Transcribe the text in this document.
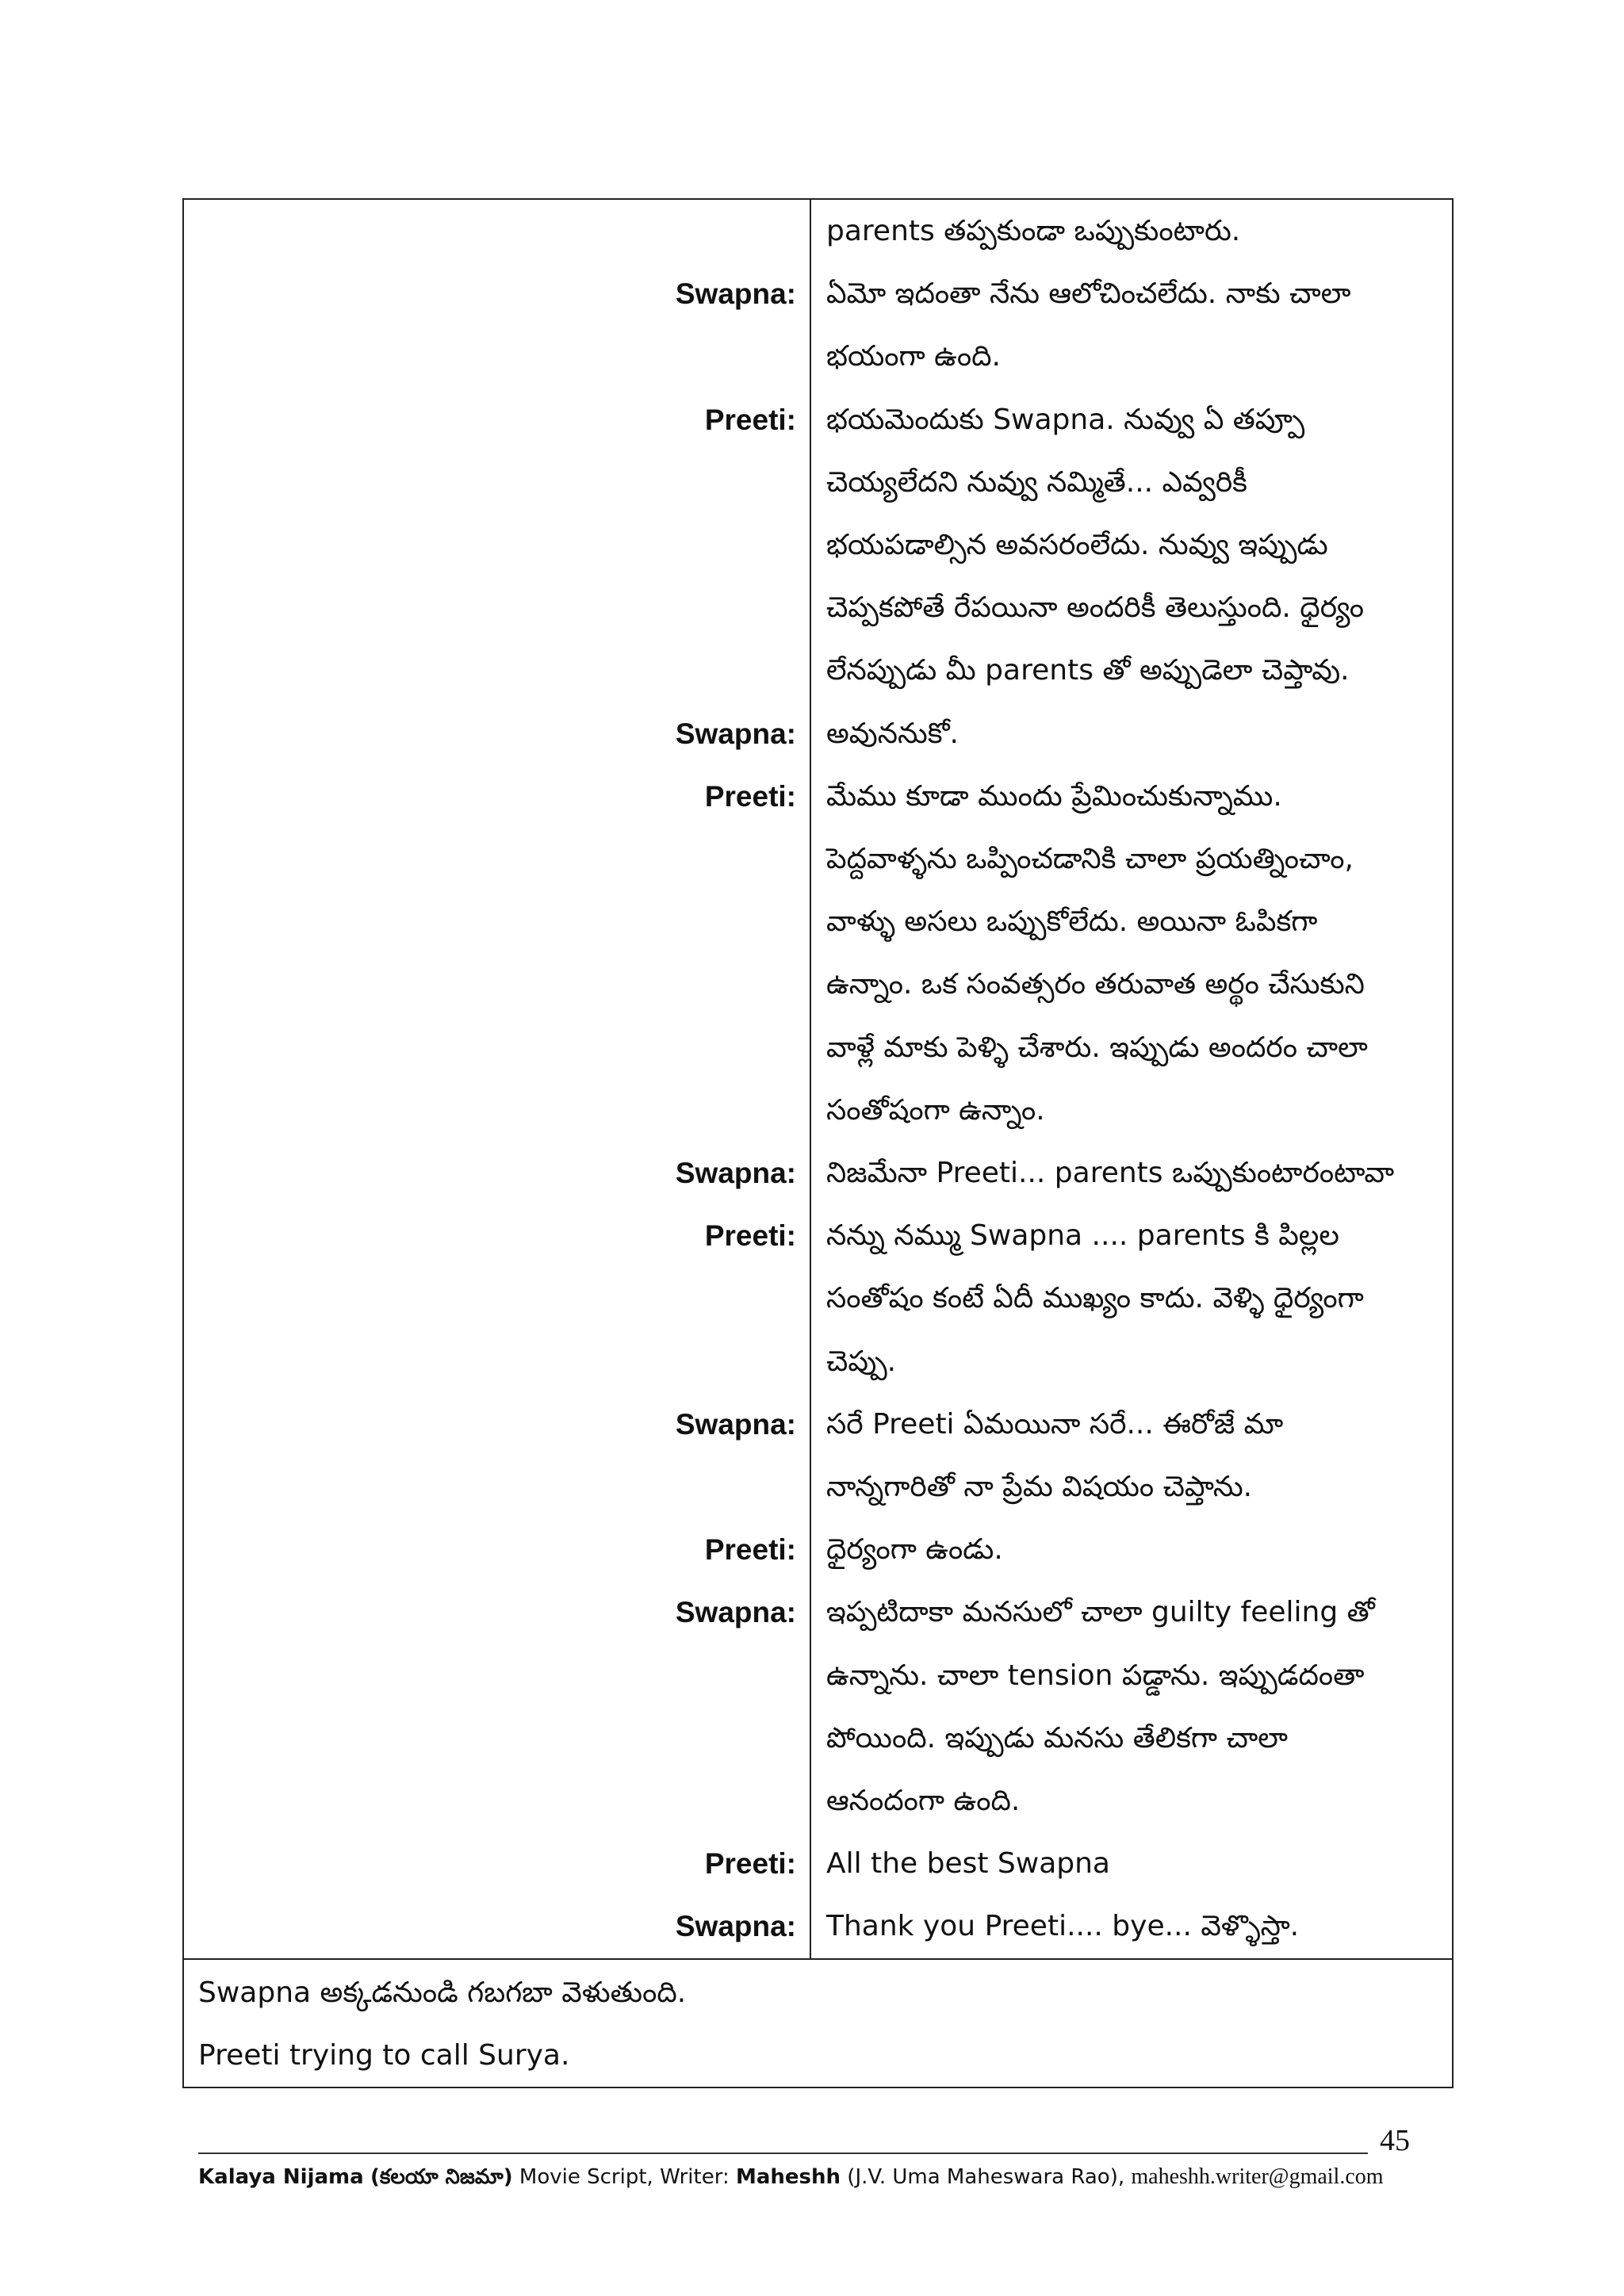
parents తప్పకుండా ఒప్పుకుంటారు.
Swapna: ఏమో ఇదంతా నేను ఆలోచించలేదు. నాకు చాలా
భయంగా ఉంది.
Preeti: భయమెందుకు Swapna. నువ్వు ఏ తప్పూ
చెయ్యలేదని నువ్వు నమ్మితే... ఎవ్వరికీ
భయపడాల్సిన అవసరంలేదు. నువ్వు ఇప్పుడు
చెప్పకపోతే రేపయినా అందరికీ తెలుస్తుంది. ధైర్యం
లేనప్పుడు మీ parents తో అప్పుడెలా చెప్తావు.
Swapna: అవుననుకో.
Preeti: మేము కూడా ముందు ప్రేమించుకున్నాము.
పెద్దవాళ్ళను ఒప్పించడానికి చాలా ప్రయత్నించాం,
వాళ్ళు అసలు ఒప్పుకోలేదు. అయినా ఓపికగా
ఉన్నాం. ఒక సంవత్సరం తరువాత అర్థం చేసుకుని
వాళ్లే మాకు పెళ్ళి చేశారు. ఇప్పుడు అందరం చాలా
సంతోషంగా ఉన్నాం.
Swapna: నిజమేనా Preeti... parents ఒప్పుకుంటారంటావా
Preeti: నన్ను నమ్ము Swapna .... parents కి పిల్లల
సంతోషం కంటే ఏదీ ముఖ్యం కాదు. వెళ్ళి ధైర్యంగా
చెప్పు.
Swapna: సరే Preeti ఏమయినా సరే... ఈరోజే మా
నాన్నగారితో నా ప్రేమ విషయం చెప్తాను.
Preeti: ధైర్యంగా ఉండు.
Swapna: ఇప్పటిదాకా మనసులో చాలా guilty feeling తో
ఉన్నాను. చాలా tension పడ్డాను. ఇప్పుడదంతా
పోయింది. ఇప్పుడు మనసు తేలికగా చాలా
ఆనందంగా ఉంది.
Preeti: All the best Swapna
Swapna: Thank you Preeti.... bye... వెళ్ళొస్తా.
Swapna అక్కడనుండి గబగబా వెళుతుంది.
Preeti trying to call Surya.
45
Kalaya Nijama (కలయా నిజమా) Movie Script, Writer: Maheshh (J.V. Uma Maheswara Rao), maheshh.writer@gmail.com
